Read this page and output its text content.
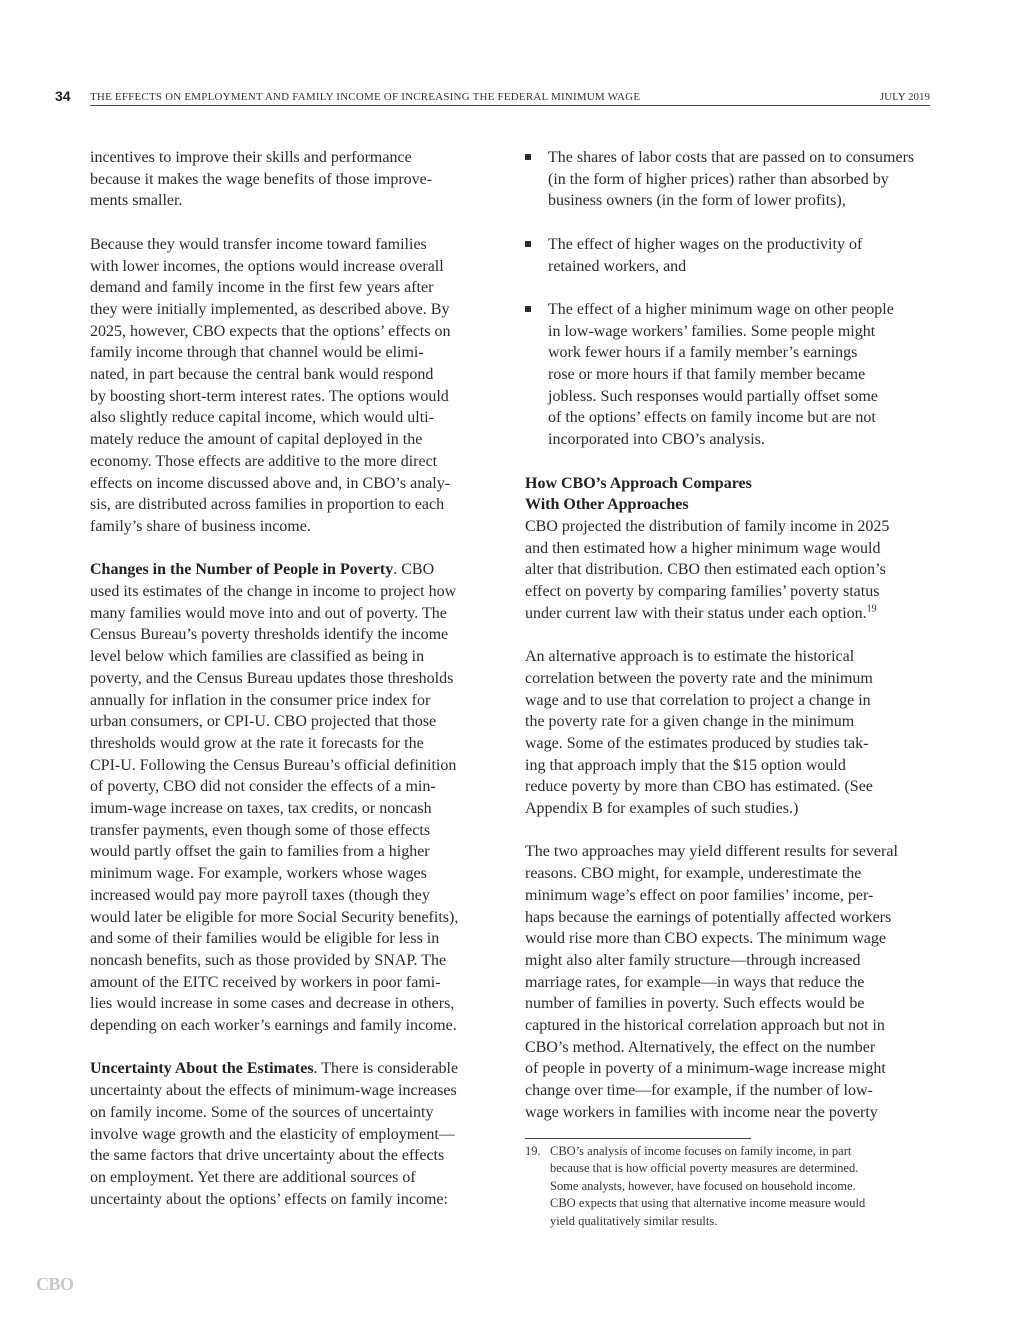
34 THE EFFECTS ON EMPLOYMENT AND FAMILY INCOME OF INCREASING THE FEDERAL MINIMUM WAGE	JULY 2019

incentives to improve their skills and performance
because it makes the wage benefits of those improve-
ments smaller.

Because they would transfer income toward families
with lower incomes, the options would increase overall
demand and family income in the first few years after
they were initially implemented, as described above. By
2025, however, CBO expects that the options’ effects on
family income through that channel would be elimi-
nated, in part because the central bank would respond
by boosting short-term interest rates. The options would
also slightly reduce capital income, which would ulti-
mately reduce the amount of capital deployed in the
economy. Those effects are additive to the more direct
effects on income discussed above and, in CBO’s analy-
sis, are distributed across families in proportion to each
family’s share of business income.

Changes in the Number of People in Poverty. CBO
used its estimates of the change in income to project how
many families would move into and out of poverty. The
Census Bureau’s poverty thresholds identify the income
level below which families are classified as being in
poverty, and the Census Bureau updates those thresholds
annually for inflation in the consumer price index for
urban consumers, or CPI-U. CBO projected that those
thresholds would grow at the rate it forecasts for the
CPI-U. Following the Census Bureau’s official definition
of poverty, CBO did not consider the effects of a min-
imum-wage increase on taxes, tax credits, or noncash
transfer payments, even though some of those effects
would partly offset the gain to families from a higher
minimum wage. For example, workers whose wages
increased would pay more payroll taxes (though they
would later be eligible for more Social Security benefits),
and some of their families would be eligible for less in
noncash benefits, such as those provided by SNAP. The
amount of the EITC received by workers in poor fami-
lies would increase in some cases and decrease in others,
depending on each worker’s earnings and family income.

Uncertainty About the Estimates. There is considerable
uncertainty about the effects of minimum-wage increases
on family income. Some of the sources of uncertainty
involve wage growth and the elasticity of employment—
the same factors that drive uncertainty about the effects
on employment. Yet there are additional sources of
uncertainty about the options’ effects on family income:

The shares of labor costs that are passed on to consumers
(in the form of higher prices) rather than absorbed by
business owners (in the form of lower profits),
The effect of higher wages on the productivity of
retained workers, and
The effect of a higher minimum wage on other people
in low-wage workers’ families. Some people might
work fewer hours if a family member’s earnings
rose or more hours if that family member became
jobless. Such responses would partially offset some
of the options’ effects on family income but are not
incorporated into CBO’s analysis.
How CBO’s Approach Compares
With Other Approaches

CBO projected the distribution of family income in 2025
and then estimated how a higher minimum wage would
alter that distribution. CBO then estimated each option’s
effect on poverty by comparing families’ poverty status
under current law with their status under each option.$^{19}$

An alternative approach is to estimate the historical
correlation between the poverty rate and the minimum
wage and to use that correlation to project a change in
the poverty rate for a given change in the minimum
wage. Some of the estimates produced by studies tak-
ing that approach imply that the $15 option would
reduce poverty by more than CBO has estimated. (See
Appendix B for examples of such studies.)

The two approaches may yield different results for several
reasons. CBO might, for example, underestimate the
minimum wage’s effect on poor families’ income, per-
haps because the earnings of potentially affected workers
would rise more than CBO expects. The minimum wage
might also alter family structure—through increased
marriage rates, for example—in ways that reduce the
number of families in poverty. Such effects would be
captured in the historical correlation approach but not in
CBO’s method. Alternatively, the effect on the number
of people in poverty of a minimum-wage increase might
change over time—for example, if the number of low-
wage workers in families with income near the poverty

19. CBO’s analysis of income focuses on family income, in part
because that is how official poverty measures are determined.
Some analysts, however, have focused on household income.
CBO expects that using that alternative income measure would
yield qualitatively similar results.
CBO
